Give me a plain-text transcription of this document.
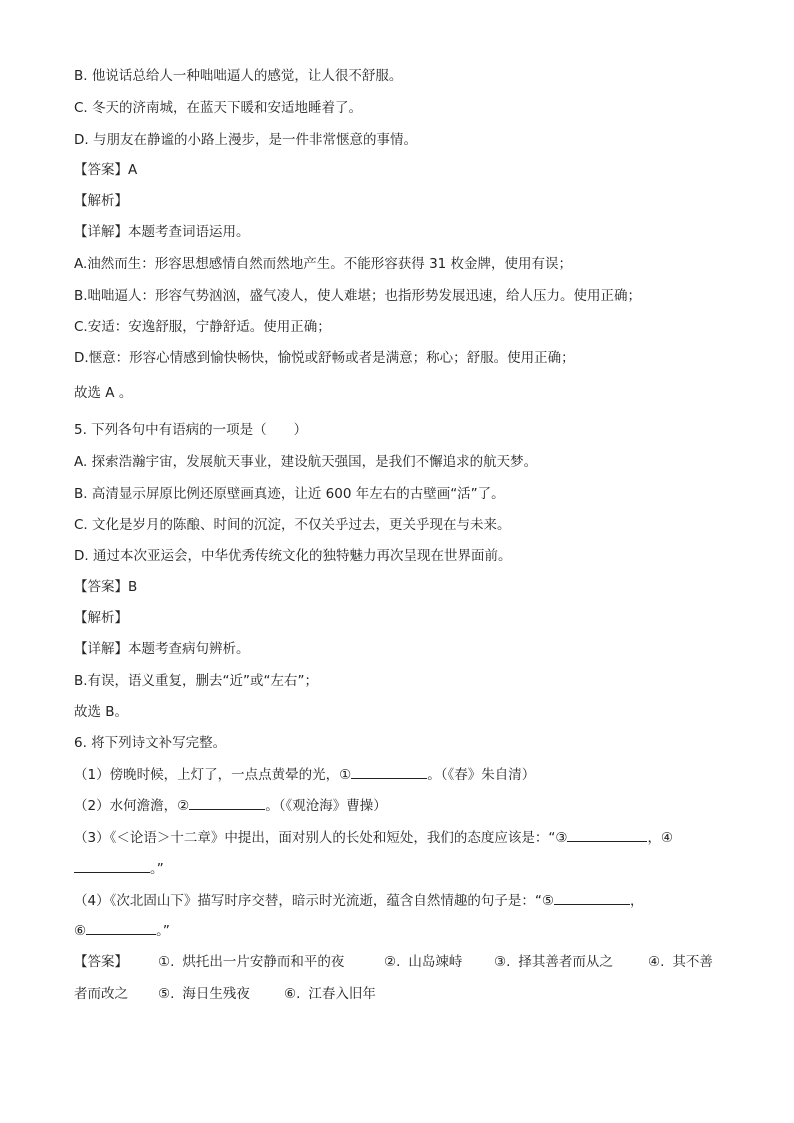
B. 他说话总给人一种咄咄逼人的感觉，让人很不舒服。
C. 冬天的济南城，在蓝天下暖和安适地睡着了。
D. 与朋友在静谧的小路上漫步，是一件非常惬意的事情。
【答案】A
【解析】
【详解】本题考查词语运用。
A.油然而生：形容思想感情自然而然地产生。不能形容获得 31 枚金牌，使用有误；
B.咄咄逼人：形容气势汹汹，盛气凌人，使人难堪；也指形势发展迅速，给人压力。使用正确；
C.安适：安逸舒服，宁静舒适。使用正确；
D.惬意：形容心情感到愉快畅快，愉悦或舒畅或者是满意；称心；舒服。使用正确；
故选 A 。
5. 下列各句中有语病的一项是（　　）
A. 探索浩瀚宇宙，发展航天事业，建设航天强国，是我们不懈追求的航天梦。
B. 高清显示屏原比例还原壁画真迹，让近 600 年左右的古壁画“活”了。
C. 文化是岁月的陈酿、时间的沉淀，不仅关乎过去，更关乎现在与未来。
D. 通过本次亚运会，中华优秀传统文化的独特魅力再次呈现在世界面前。
【答案】B
【解析】
【详解】本题考查病句辨析。
B.有误，语义重复，删去“近”或“左右”；
故选 B。
6. 将下列诗文补写完整。
（1）傍晚时候，上灯了，一点点黄晕的光，①	。（《春》朱自清）
（2）水何澹澹，②	。（《观沧海》曹操）
（3）《＜论语＞十二章》中提出，面对别人的长处和短处，我们的态度应该是：“③	，④
。”
（4）《次北固山下》描写时序交替，暗示时光流逝，蕴含自然情趣的句子是：“⑤	，
⑥	。”
【答案】 ①. 烘托出一片安静而和平的夜	②. 山岛竦峙 ③. 择其善者而从之	④. 其不善
者而改之 ⑤. 海日生残夜	⑥. 江春入旧年
